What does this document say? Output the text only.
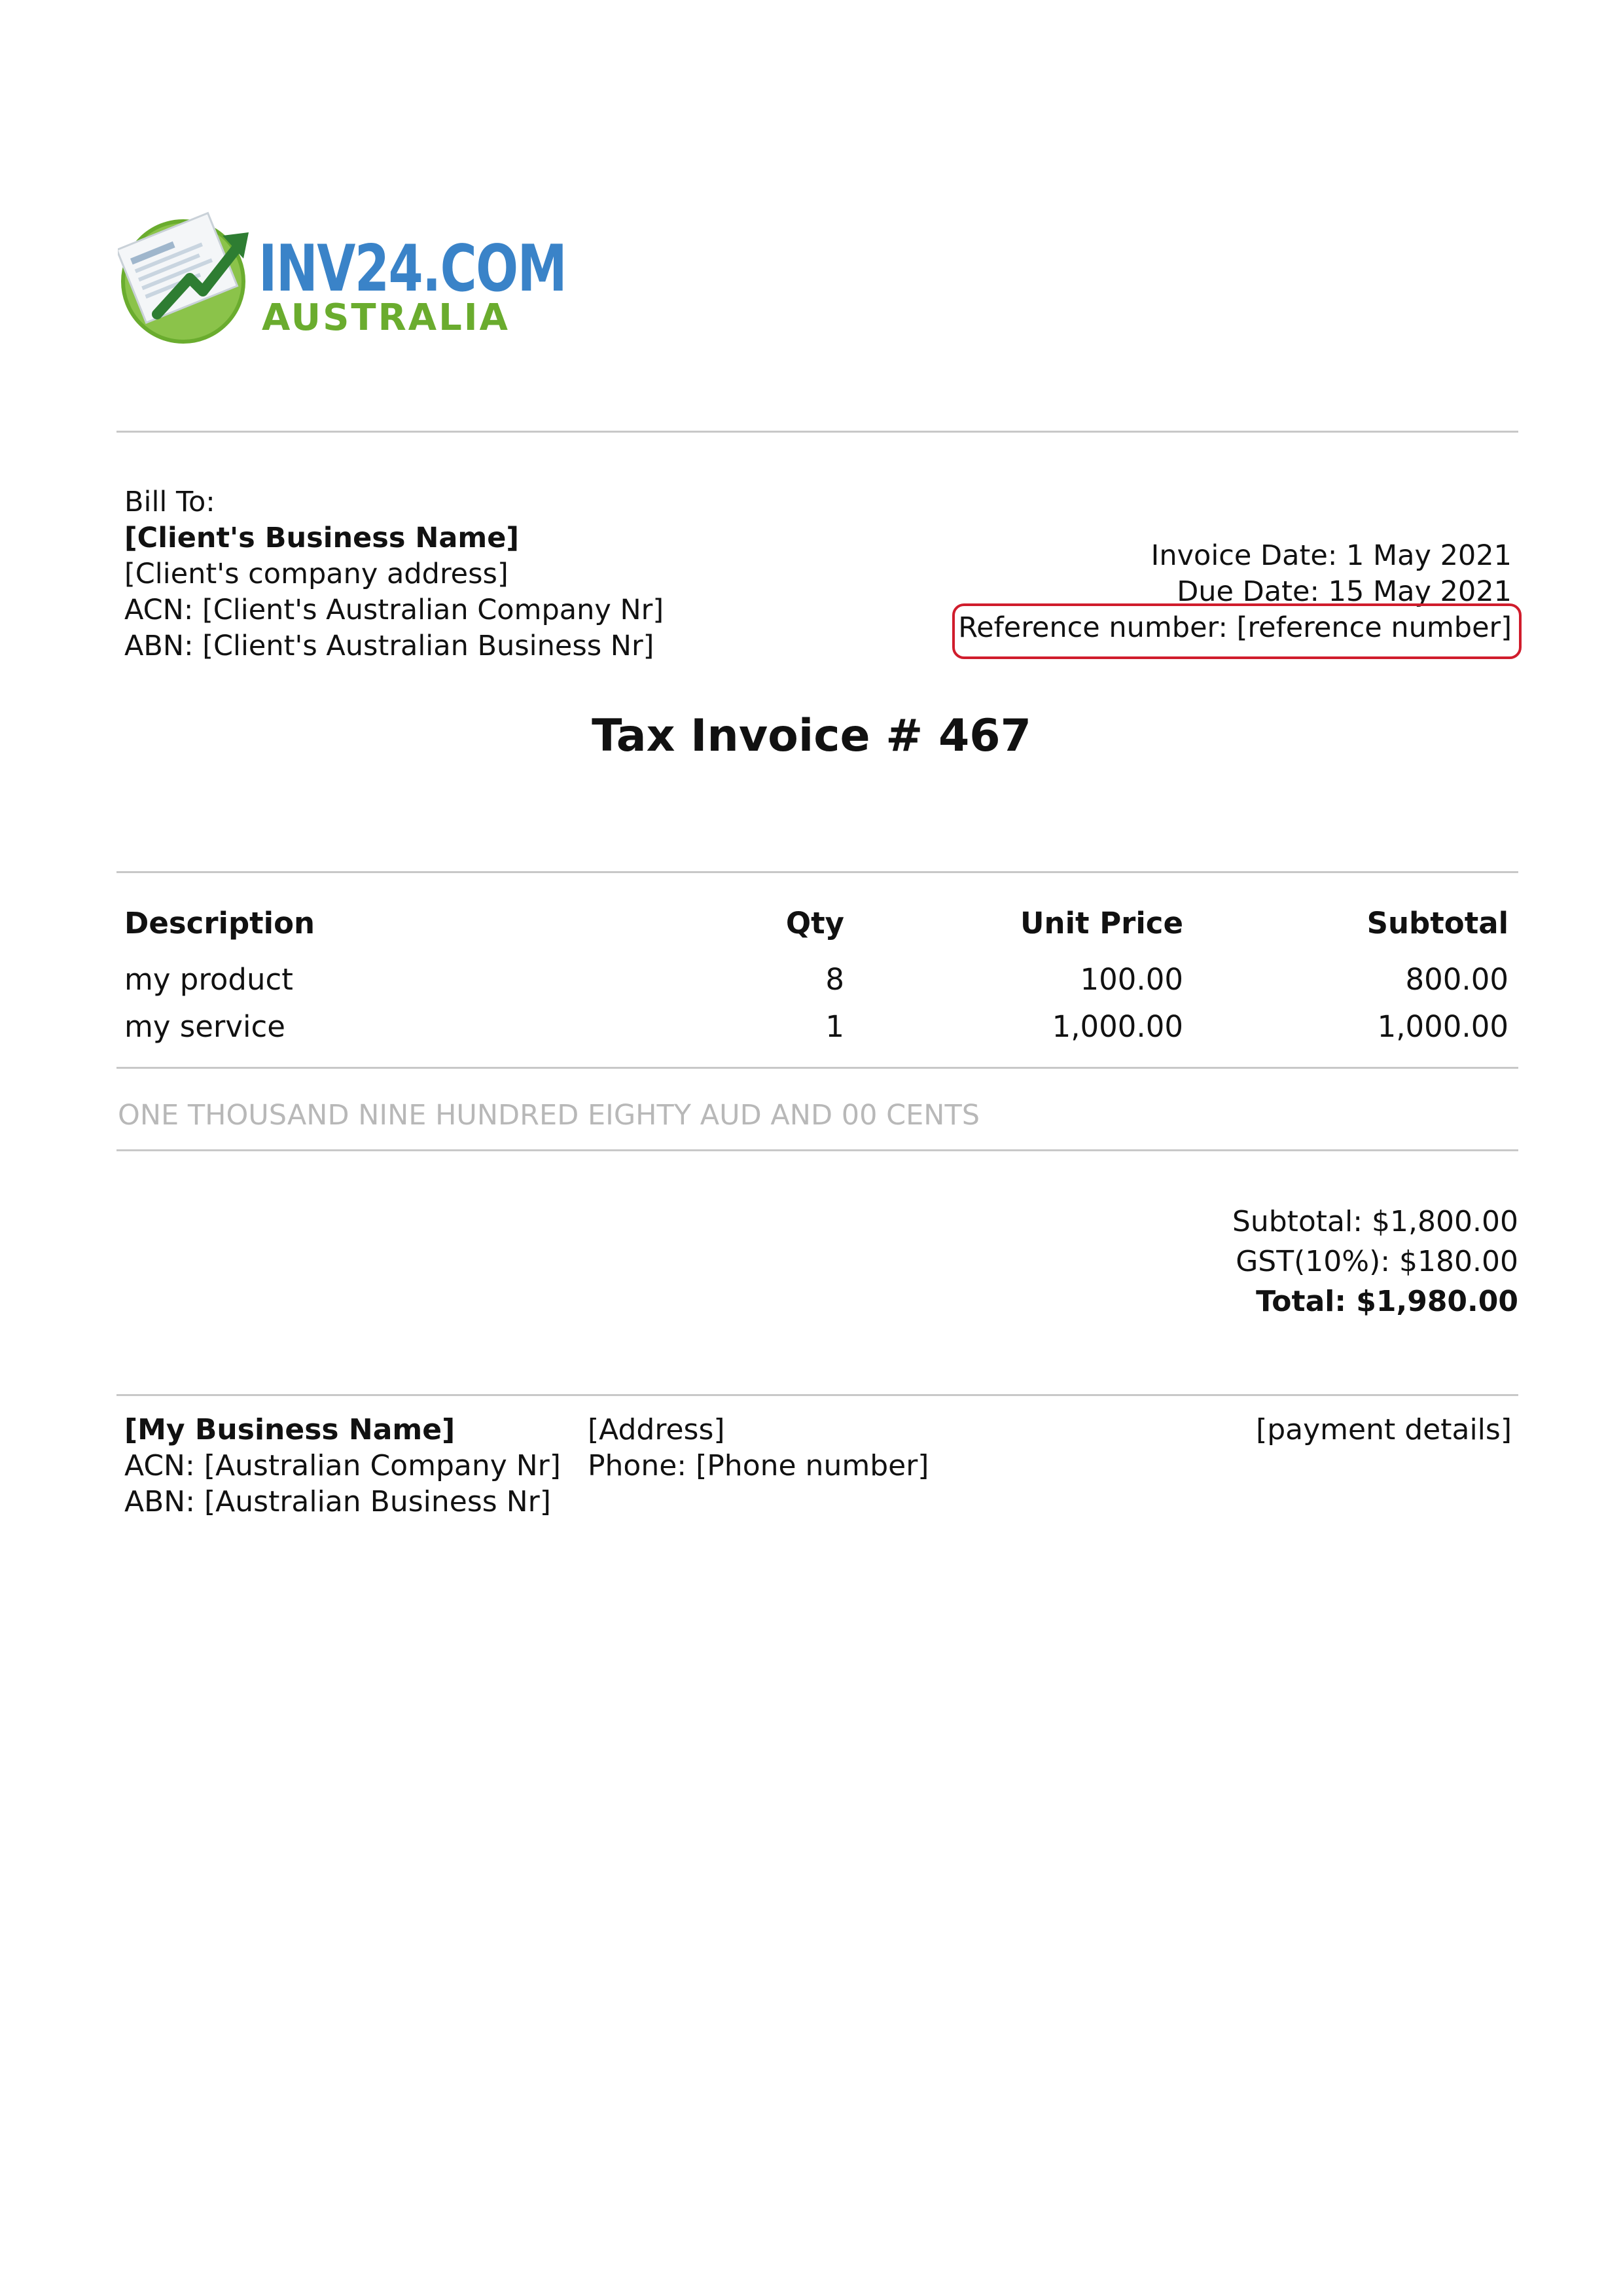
INV24.COM
AUSTRALIA
Bill To:
[Client's Business Name]
[Client's company address]
ACN: [Client's Australian Company Nr]
ABN: [Client's Australian Business Nr]
Invoice Date: 1 May 2021
Due Date: 15 May 2021
Reference number: [reference number]
Tax Invoice # 467
Description	Qty	Unit Price	Subtotal
my product	8	100.00	800.00
my service	1	1,000.00	1,000.00
ONE THOUSAND NINE HUNDRED EIGHTY AUD AND 00 CENTS
Subtotal: $1,800.00
GST(10%): $180.00
Total: $1,980.00
[My Business Name]
ACN: [Australian Company Nr]
ABN: [Australian Business Nr]
[Address]
Phone: [Phone number]
[payment details]
